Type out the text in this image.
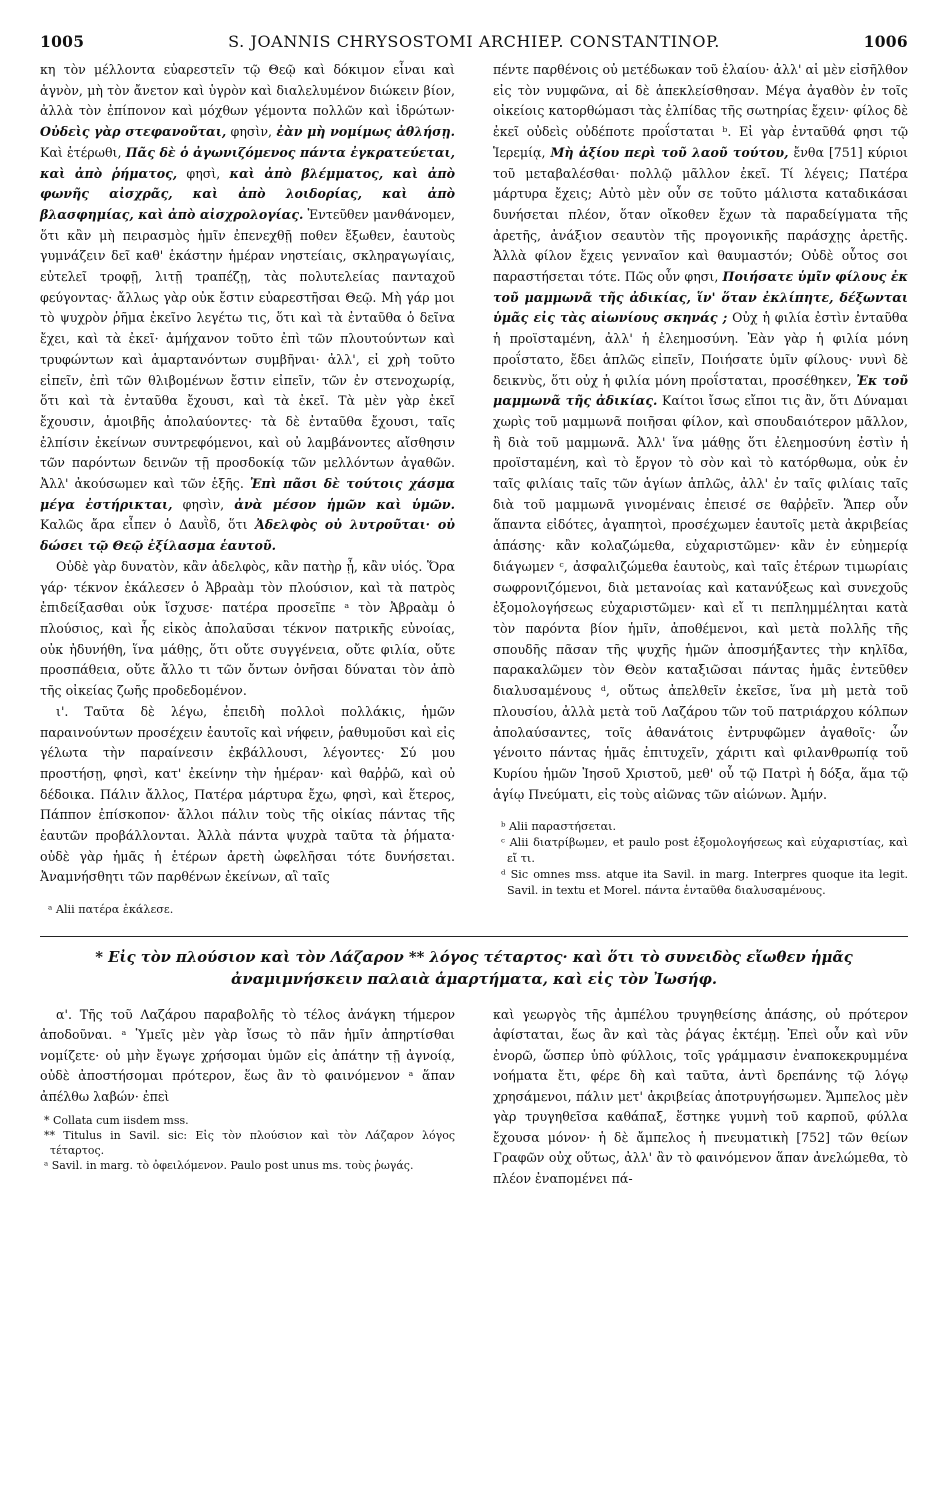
1005	S. JOANNIS CHRYSOSTOMI ARCHIEP. CONSTANTINOP.	1006

κη τὸν μέλλοντα εὐαρεστεῖν τῷ Θεῷ καὶ δόκιμον εἶναι καὶ ἁγνὸν, μὴ τὸν ἄνετον καὶ ὑγρὸν καὶ διαλελυμένον διώκειν βίον, ἀλλὰ τὸν ἐπίπονον καὶ μόχθων γέμοντα πολλῶν καὶ ἱδρώτων· Οὐδεὶς γὰρ στεφανοῦται, φησὶν, ἐὰν μὴ νομίμως ἀθλήσῃ. Καὶ ἑτέρωθι, Πᾶς δὲ ὁ ἀγωνιζόμενος πάντα ἐγκρατεύεται, καὶ ἀπὸ ῥήματος, φησὶ, καὶ ἀπὸ βλέμματος, καὶ ἀπὸ φωνῆς αἰσχρᾶς, καὶ ἀπὸ λοιδορίας, καὶ ἀπὸ βλασφημίας, καὶ ἀπὸ αἰσχρολογίας. Ἐντεῦθεν μανθάνομεν, ὅτι κἂν μὴ πειρασμὸς ἡμῖν ἐπενεχθῇ ποθεν ἔξωθεν, ἑαυτοὺς γυμνάζειν δεῖ καθ' ἑκάστην ἡμέραν νηστείαις, σκληραγωγίαις, εὐτελεῖ τροφῇ, λιτῇ τραπέζῃ, τὰς πολυτελείας πανταχοῦ φεύγοντας· ἄλλως γὰρ οὐκ ἔστιν εὐαρεστῆσαι Θεῷ. Μὴ γάρ μοι τὸ ψυχρὸν ῥῆμα ἐκεῖνο λεγέτω τις, ὅτι καὶ τὰ ἐνταῦθα ὁ δεῖνα ἔχει, καὶ τὰ ἐκεῖ· ἀμήχανον τοῦτο ἐπὶ τῶν πλουτούντων καὶ τρυφώντων καὶ ἁμαρτανόντων συμβῆναι· ἀλλ', εἰ χρὴ τοῦτο εἰπεῖν, ἐπὶ τῶν θλιβομένων ἔστιν εἰπεῖν, τῶν ἐν στενοχωρίᾳ, ὅτι καὶ τὰ ἐνταῦθα ἔχουσι, καὶ τὰ ἐκεῖ. Τὰ μὲν γὰρ ἐκεῖ ἔχουσιν, ἀμοιβῆς ἀπολαύοντες· τὰ δὲ ἐνταῦθα ἔχουσι, ταῖς ἐλπίσιν ἐκείνων συντρεφόμενοι, καὶ οὐ λαμβάνοντες αἴσθησιν τῶν παρόντων δεινῶν τῇ προσδοκίᾳ τῶν μελλόντων ἀγαθῶν. Ἀλλ' ἀκούσωμεν καὶ τῶν ἑξῆς. Ἐπὶ πᾶσι δὲ τούτοις χάσμα μέγα ἐστήρικται, φησὶν, ἀνὰ μέσον ἡμῶν καὶ ὑμῶν. Καλῶς ἄρα εἶπεν ὁ Δαυῒδ, ὅτι Ἀδελφὸς οὐ λυτροῦται· οὐ δώσει τῷ Θεῷ ἐξίλασμα ἑαυτοῦ.

Οὐδὲ γὰρ δυνατὸν, κἂν ἀδελφὸς, κἂν πατὴρ ᾖ, κἂν υἱός. Ὅρα γάρ· τέκνον ἐκάλεσεν ὁ Ἀβραὰμ τὸν πλούσιον, καὶ τὰ πατρὸς ἐπιδείξασθαι οὐκ ἴσχυσε· πατέρα προσεῖπε ᵃ τὸν Ἀβραὰμ ὁ πλούσιος, καὶ ἧς εἰκὸς ἀπολαῦσαι τέκνον πατρικῆς εὐνοίας, οὐκ ἠδυνήθη, ἵνα μάθῃς, ὅτι οὔτε συγγένεια, οὔτε φιλία, οὔτε προσπάθεια, οὔτε ἄλλο τι τῶν ὄντων ὀνῆσαι δύναται τὸν ἀπὸ τῆς οἰκείας ζωῆς προδεδομένον.

ι'. Ταῦτα δὲ λέγω, ἐπειδὴ πολλοὶ πολλάκις, ἡμῶν παραινούντων προσέχειν ἑαυτοῖς καὶ νήφειν, ῥαθυμοῦσι καὶ εἰς γέλωτα τὴν παραίνεσιν ἐκβάλλουσι, λέγοντες· Σύ μου προστήσῃ, φησὶ, κατ' ἐκείνην τὴν ἡμέραν· καὶ θαῤῥῶ, καὶ οὐ δέδοικα. Πάλιν ἄλλος, Πατέρα μάρτυρα ἔχω, φησὶ, καὶ ἕτερος, Πάππον ἐπίσκοπον· ἄλλοι πάλιν τοὺς τῆς οἰκίας πάντας τῆς ἑαυτῶν προβάλλονται. Ἀλλὰ πάντα ψυχρὰ ταῦτα τὰ ῥήματα· οὐδὲ γὰρ ἡμᾶς ἡ ἑτέρων ἀρετὴ ὠφελῆσαι τότε δυνήσεται. Ἀναμνήσθητι τῶν παρθένων ἐκείνων, αἳ ταῖς

ᵃ Alii πατέρα ἐκάλεσε.

πέντε παρθένοις οὐ μετέδωκαν τοῦ ἐλαίου· ἀλλ' αἱ μὲν εἰσῆλθον εἰς τὸν νυμφῶνα, αἱ δὲ ἀπεκλείσθησαν. Μέγα ἀγαθὸν ἐν τοῖς οἰκείοις κατορθώμασι τὰς ἐλπίδας τῆς σωτηρίας ἔχειν· φίλος δὲ ἐκεῖ οὐδεὶς οὐδέποτε προΐσταται ᵇ. Εἰ γὰρ ἐνταῦθά φησι τῷ Ἱερεμίᾳ, Μὴ ἀξίου περὶ τοῦ λαοῦ τούτου, ἔνθα [751] κύριοι τοῦ μεταβαλέσθαι· πολλῷ μᾶλλον ἐκεῖ. Τί λέγεις; Πατέρα μάρτυρα ἔχεις; Αὐτὸ μὲν οὖν σε τοῦτο μάλιστα καταδικάσαι δυνήσεται πλέον, ὅταν οἴκοθεν ἔχων τὰ παραδείγματα τῆς ἀρετῆς, ἀνάξιον σεαυτὸν τῆς προγονικῆς παράσχῃς ἀρετῆς. Ἀλλὰ φίλον ἔχεις γενναῖον καὶ θαυμαστόν; Οὐδὲ οὗτος σοι παραστήσεται τότε. Πῶς οὖν φησι, Ποιήσατε ὑμῖν φίλους ἐκ τοῦ μαμμωνᾶ τῆς ἀδικίας, ἵν' ὅταν ἐκλίπητε, δέξωνται ὑμᾶς εἰς τὰς αἰωνίους σκηνάς ; Οὐχ ἡ φιλία ἐστὶν ἐνταῦθα ἡ προϊσταμένη, ἀλλ' ἡ ἐλεημοσύνη. Ἐὰν γὰρ ἡ φιλία μόνη προΐστατο, ἔδει ἁπλῶς εἰπεῖν, Ποιήσατε ὑμῖν φίλους· νυνὶ δὲ δεικνὺς, ὅτι οὐχ ἡ φιλία μόνη προΐσταται, προσέθηκεν, Ἐκ τοῦ μαμμωνᾶ τῆς ἀδικίας. Καίτοι ἴσως εἴποι τις ἂν, ὅτι Δύναμαι χωρὶς τοῦ μαμμωνᾶ ποιῆσαι φίλον, καὶ σπουδαιότερον μᾶλλον, ἢ διὰ τοῦ μαμμωνᾶ. Ἀλλ' ἵνα μάθῃς ὅτι ἐλεημοσύνη ἐστὶν ἡ προϊσταμένη, καὶ τὸ ἔργον τὸ σὸν καὶ τὸ κατόρθωμα, οὐκ ἐν ταῖς φιλίαις ταῖς τῶν ἁγίων ἁπλῶς, ἀλλ' ἐν ταῖς φιλίαις ταῖς διὰ τοῦ μαμμωνᾶ γινομέναις ἐπεισέ σε θαῤῥεῖν. Ἅπερ οὖν ἅπαντα εἰδότες, ἀγαπητοὶ, προσέχωμεν ἑαυτοῖς μετὰ ἀκριβείας ἁπάσης· κἂν κολαζώμεθα, εὐχαριστῶμεν· κἂν ἐν εὐημερίᾳ διάγωμεν ᶜ, ἀσφαλιζώμεθα ἑαυτοὺς, καὶ ταῖς ἑτέρων τιμωρίαις σωφρονιζόμενοι, διὰ μετανοίας καὶ κατανύξεως καὶ συνεχοῦς ἐξομολογήσεως εὐχαριστῶμεν· καὶ εἴ τι πεπλημμέληται κατὰ τὸν παρόντα βίον ἡμῖν, ἀποθέμενοι, καὶ μετὰ πολλῆς τῆς σπουδῆς πᾶσαν τῆς ψυχῆς ἡμῶν ἀποσμήξαντες τὴν κηλῖδα, παρακαλῶμεν τὸν Θεὸν καταξιῶσαι πάντας ἡμᾶς ἐντεῦθεν διαλυσαμένους ᵈ, οὕτως ἀπελθεῖν ἐκεῖσε, ἵνα μὴ μετὰ τοῦ πλουσίου, ἀλλὰ μετὰ τοῦ Λαζάρου τῶν τοῦ πατριάρχου κόλπων ἀπολαύσαντες, τοῖς ἀθανάτοις ἐντρυφῶμεν ἀγαθοῖς· ὧν γένοιτο πάντας ἡμᾶς ἐπιτυχεῖν, χάριτι καὶ φιλανθρωπίᾳ τοῦ Κυρίου ἡμῶν Ἰησοῦ Χριστοῦ, μεθ' οὗ τῷ Πατρὶ ἡ δόξα, ἅμα τῷ ἁγίῳ Πνεύματι, εἰς τοὺς αἰῶνας τῶν αἰώνων. Ἀμήν.

ᵇ Alii παραστήσεται.
ᶜ Alii διατρίβωμεν, et paulo post ἐξομολογήσεως καὶ εὐχαριστίας, καὶ εἴ τι.
ᵈ Sic omnes mss. atque ita Savil. in marg. Interpres quoque ita legit. Savil. in textu et Morel. πάντα ἐνταῦθα διαλυσαμένους.
* Εἰς τὸν πλούσιον καὶ τὸν Λάζαρον ** λόγος τέταρτος· καὶ ὅτι τὸ συνειδὸς εἴωθεν ἡμᾶς ἀναμιμνήσκειν παλαιὰ ἁμαρτήματα, καὶ εἰς τὸν Ἰωσήφ.

α'. Τῆς τοῦ Λαζάρου παραβολῆς τὸ τέλος ἀνάγκη τήμερον ἀποδοῦναι. ᵃ Ὑμεῖς μὲν γὰρ ἴσως τὸ πᾶν ἡμῖν ἀπηρτίσθαι νομίζετε· οὐ μὴν ἔγωγε χρήσομαι ὑμῶν εἰς ἀπάτην τῇ ἀγνοίᾳ, οὐδὲ ἀποστήσομαι πρότερον, ἕως ἂν τὸ φαινόμενον ᵃ ἅπαν ἀπέλθω λαβών· ἐπεὶ

* Collata cum iisdem mss.
** Titulus in Savil. sic: Εἰς τὸν πλούσιον καὶ τὸν Λάζαρον λόγος τέταρτος.
ᵃ Savil. in marg. τὸ ὀφειλόμενον. Paulo post unus ms. τοὺς ῥωγάς.

καὶ γεωργὸς τῆς ἀμπέλου τρυγηθείσης ἁπάσης, οὐ πρότερον ἀφίσταται, ἕως ἂν καὶ τὰς ῥάγας ἐκτέμῃ. Ἐπεὶ οὖν καὶ νῦν ἐνορῶ, ὥσπερ ὑπὸ φύλλοις, τοῖς γράμμασιν ἐναποκεκρυμμένα νοήματα ἔτι, φέρε δὴ καὶ ταῦτα, ἀντὶ δρεπάνης τῷ λόγῳ χρησάμενοι, πάλιν μετ' ἀκριβείας ἀποτρυγήσωμεν. Ἄμπελος μὲν γὰρ τρυγηθεῖσα καθάπαξ, ἕστηκε γυμνὴ τοῦ καρποῦ, φύλλα ἔχουσα μόνον· ἡ δὲ ἄμπελος ἡ πνευματικὴ [752] τῶν θείων Γραφῶν οὐχ οὕτως, ἀλλ' ἂν τὸ φαινόμενον ἅπαν ἀνελώμεθα, τὸ πλέον ἐναπομένει πά-
